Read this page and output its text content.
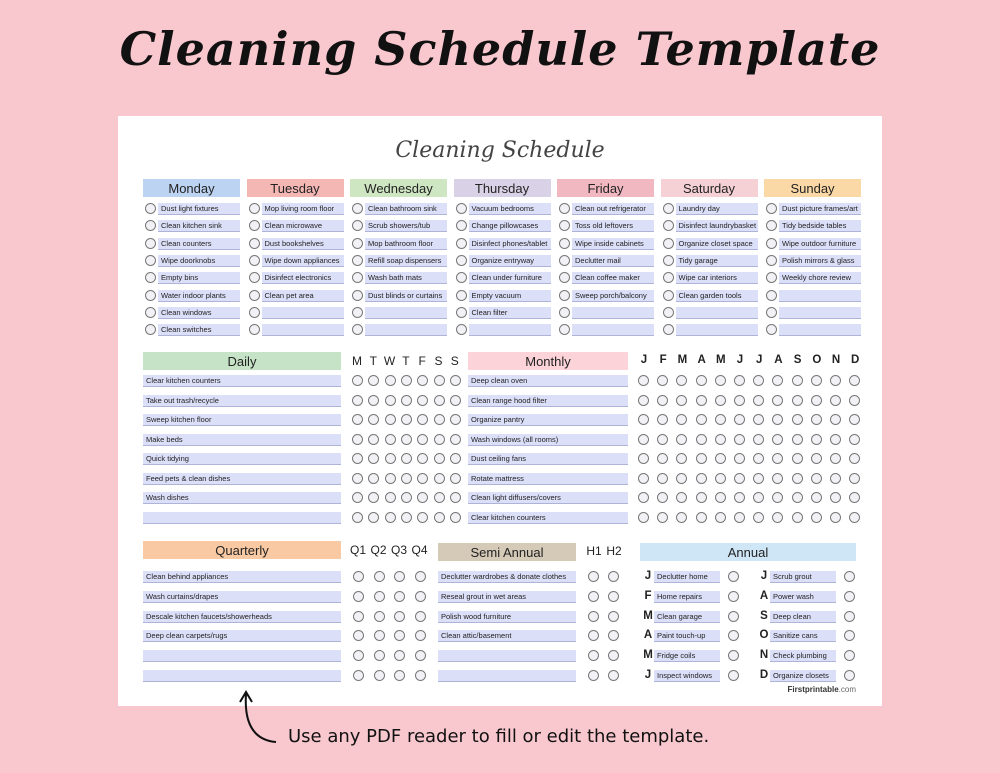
Cleaning Schedule Template
Cleaning Schedule
Monday
Dust light fixtures
Clean kitchen sink
Clean counters
Wipe doorknobs
Empty bins
Water indoor plants
Clean windows
Clean switches
Tuesday
Mop living room floor
Clean microwave
Dust bookshelves
Wipe down appliances
Disinfect electronics
Clean pet area
Wednesday
Clean bathroom sink
Scrub showers/tub
Mop bathroom floor
Refill soap dispensers
Wash bath mats
Dust blinds or curtains
Thursday
Vacuum bedrooms
Change pillowcases
Disinfect phones/tablet
Organize entryway
Clean under furniture
Empty vacuum
Clean filter
Friday
Clean out refrigerator
Toss old leftovers
Wipe inside cabinets
Declutter mail
Clean coffee maker
Sweep porch/balcony
Saturday
Laundry day
Disinfect laundrybasket
Organize closet space
Tidy garage
Wipe car interiors
Clean garden tools
Sunday
Dust picture frames/art
Tidy bedside tables
Wipe outdoor furniture
Polish mirrors & glass
Weekly chore review
Daily	M T W T F S S
Clear kitchen counters
Take out trash/recycle
Sweep kitchen floor
Make beds
Quick tidying
Feed pets & clean dishes
Wash dishes
Monthly	J	F M A M J	J	A S O N D
Deep clean oven
Clean range hood filter
Organize pantry
Wash windows (all rooms)
Dust ceiling fans
Rotate mattress
Clean light diffusers/covers
Clear kitchen counters
Quarterly	Q1 Q2 Q3 Q4
Clean behind appliances
Wash curtains/drapes
Descale kitchen faucets/showerheads
Deep clean carpets/rugs
Semi Annual	H1 H2
Declutter wardrobes & donate clothes
Reseal grout in wet areas
Polish wood furniture
Clean attic/basement
Annual
J Declutter home
F Home repairs
M Clean garage
A Paint touch-up
M Fridge coils
J Inspect windows
J Scrub grout
A Power wash
S Deep clean
O Sanitize cans
N Check plumbing
D Organize closets
Firstprintable.com
Use any PDF reader to fill or edit the template.
